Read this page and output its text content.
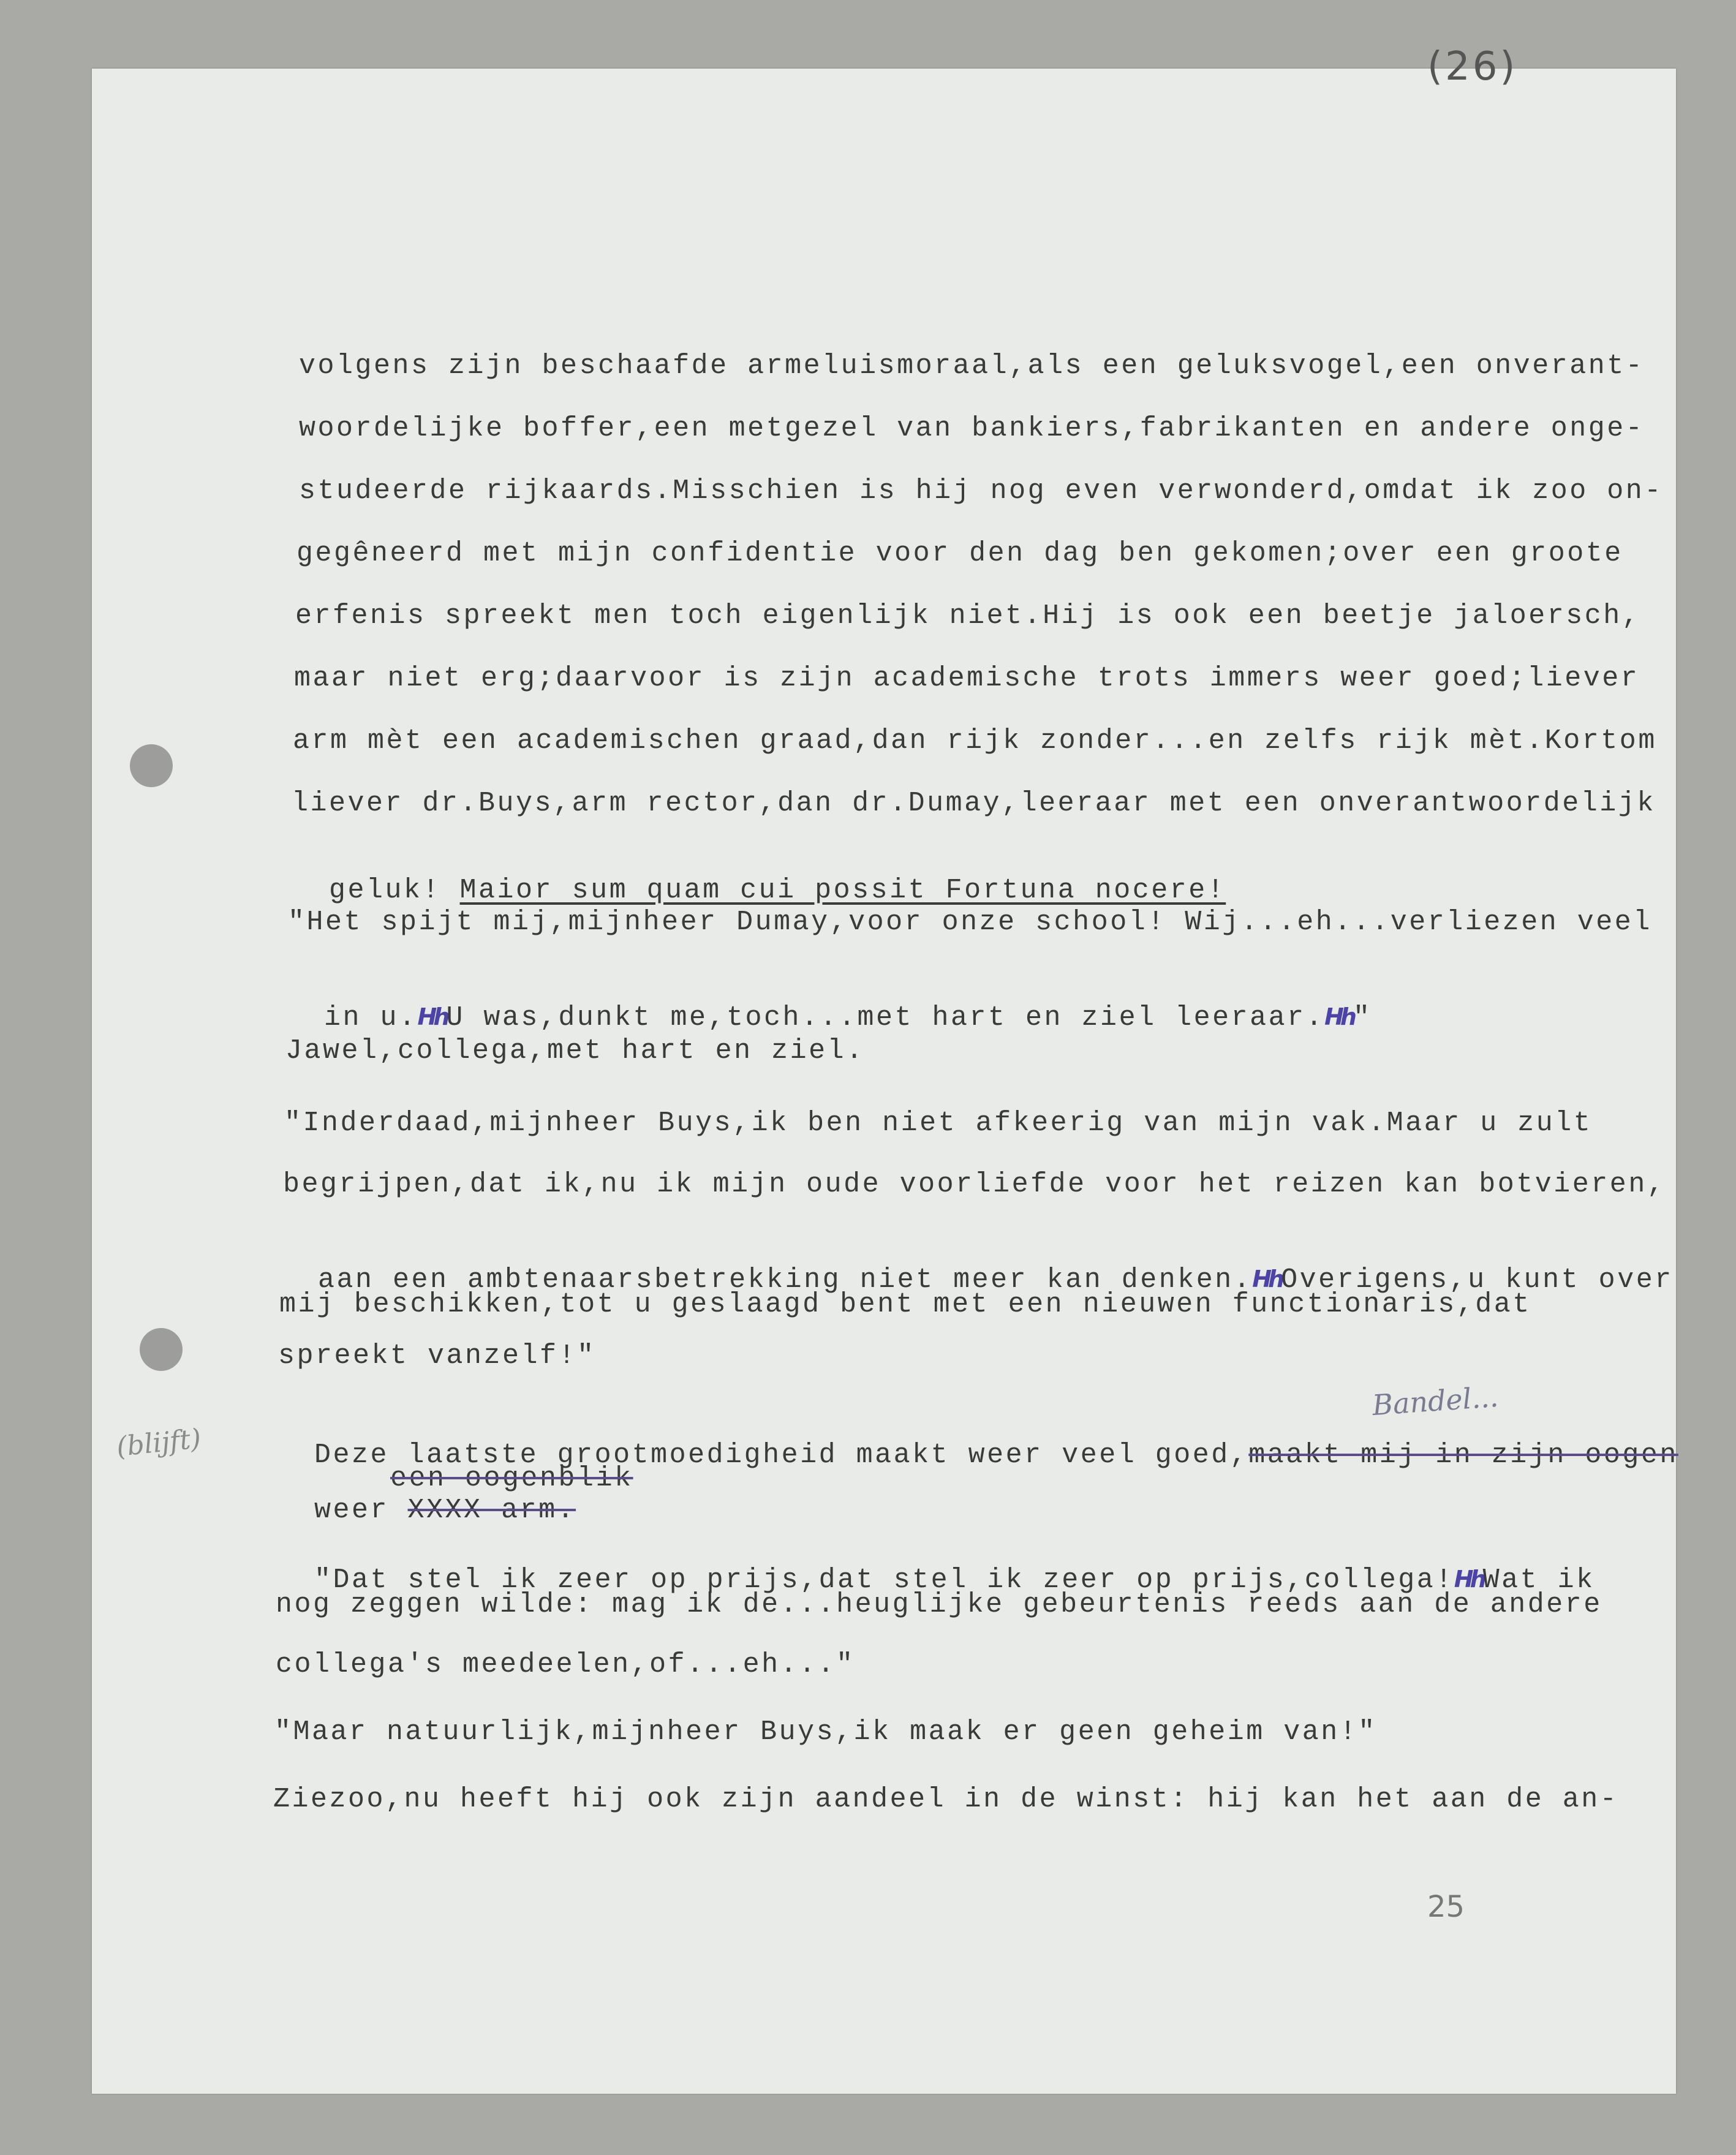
(26)
25
volgens zijn beschaafde armeluismoraal,als een geluksvogel,een onverant-
woordelijke boffer,een metgezel van bankiers,fabrikanten en andere onge-
studeerde rijkaards.Misschien is hij nog even verwonderd,omdat ik zoo on-
gegêneerd met mijn confidentie voor den dag ben gekomen;over een groote
erfenis spreekt men toch eigenlijk niet.Hij is ook een beetje jaloersch,
maar niet erg;daarvoor is zijn academische trots immers weer goed;liever
arm mèt een academischen graad,dan rijk zonder...en zelfs rijk mèt.Kortom
liever dr.Buys,arm rector,dan dr.Dumay,leeraar met een onverantwoordelijk

geluk! Maior sum quam cui possit Fortuna nocere!

"Het spijt mij,mijnheer Dumay,voor onze school! Wij...eh...verliezen veel

in u.HhU was,dunkt me,toch...met hart en ziel leeraar.Hh"

Jawel,collega,met hart en ziel.
"Inderdaad,mijnheer Buys,ik ben niet afkeerig van mijn vak.Maar u zult
begrijpen,dat ik,nu ik mijn oude voorliefde voor het reizen kan botvieren,

aan een ambtenaarsbetrekking niet meer kan denken.HhOverigens,u kunt over

mij beschikken,tot u geslaagd bent met een nieuwen functionaris,dat
spreekt vanzelf!"

een oogenblik

Deze laatste grootmoedigheid maakt weer veel goed,maakt mij in zijn oogen

weer XXXX arm.

(blijft)
Bandel...

"Dat stel ik zeer op prijs,dat stel ik zeer op prijs,collega!HhWat ik

nog zeggen wilde: mag ik de...heuglijke gebeurtenis reeds aan de andere
collega's meedeelen,of...eh..."
"Maar natuurlijk,mijnheer Buys,ik maak er geen geheim van!"
Ziezoo,nu heeft hij ook zijn aandeel in de winst: hij kan het aan de an-
